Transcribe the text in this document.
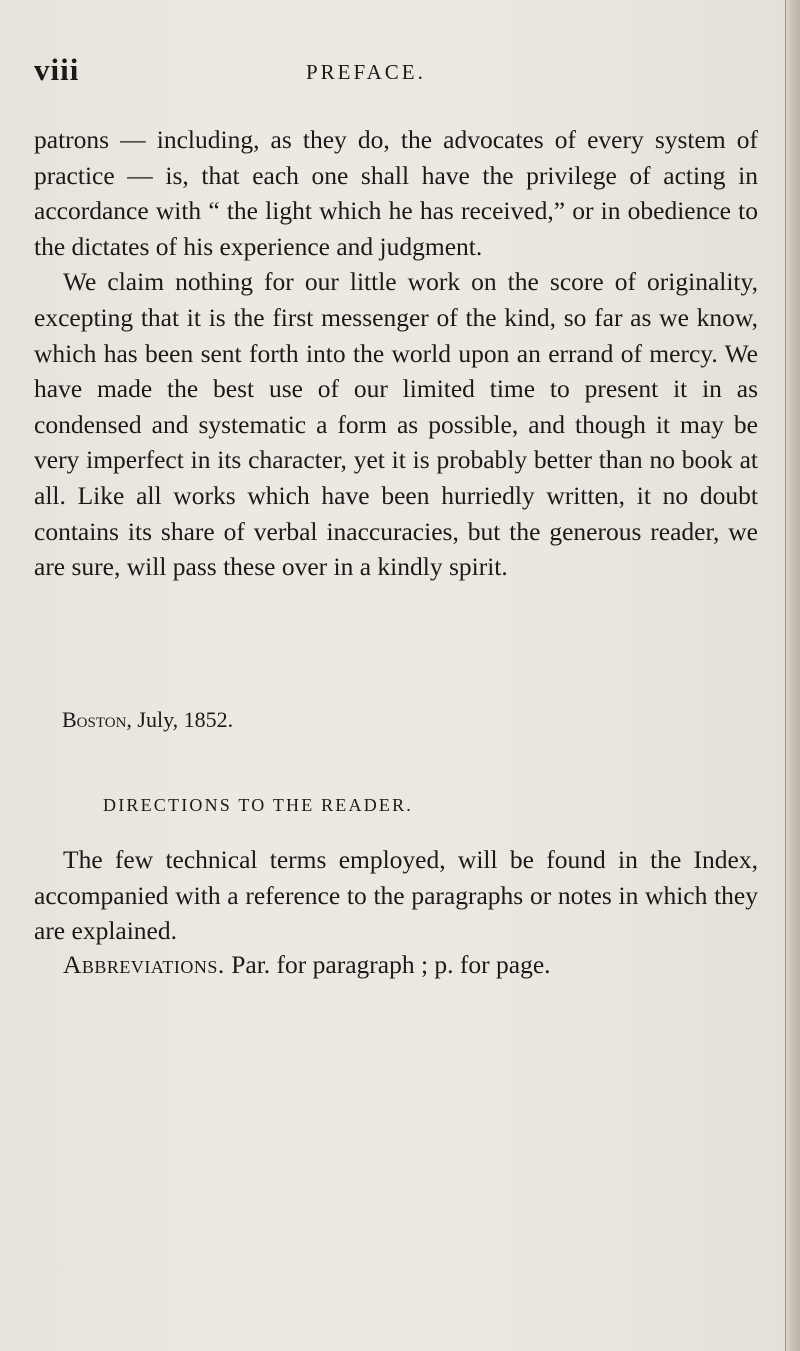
viii	PREFACE.

patrons — including, as they do, the advocates of every system of practice — is, that each one shall have the privilege of acting in accordance with “ the light which he has received,” or in obedience to the dictates of his experience and judgment.

We claim nothing for our little work on the score of originality, excepting that it is the first messenger of the kind, so far as we know, which has been sent forth into the world upon an errand of mercy. We have made the best use of our limited time to present it in as condensed and systematic a form as possible, and though it may be very imperfect in its character, yet it is probably better than no book at all. Like all works which have been hurriedly written, it no doubt contains its share of verbal inaccuracies, but the generous reader, we are sure, will pass these over in a kindly spirit.

Boston, July, 1852.
DIRECTIONS TO THE READER.

The few technical terms employed, will be found in the Index, accompanied with a reference to the paragraphs or notes in which they are explained.

Abbreviations. Par. for paragraph ; p. for page.
